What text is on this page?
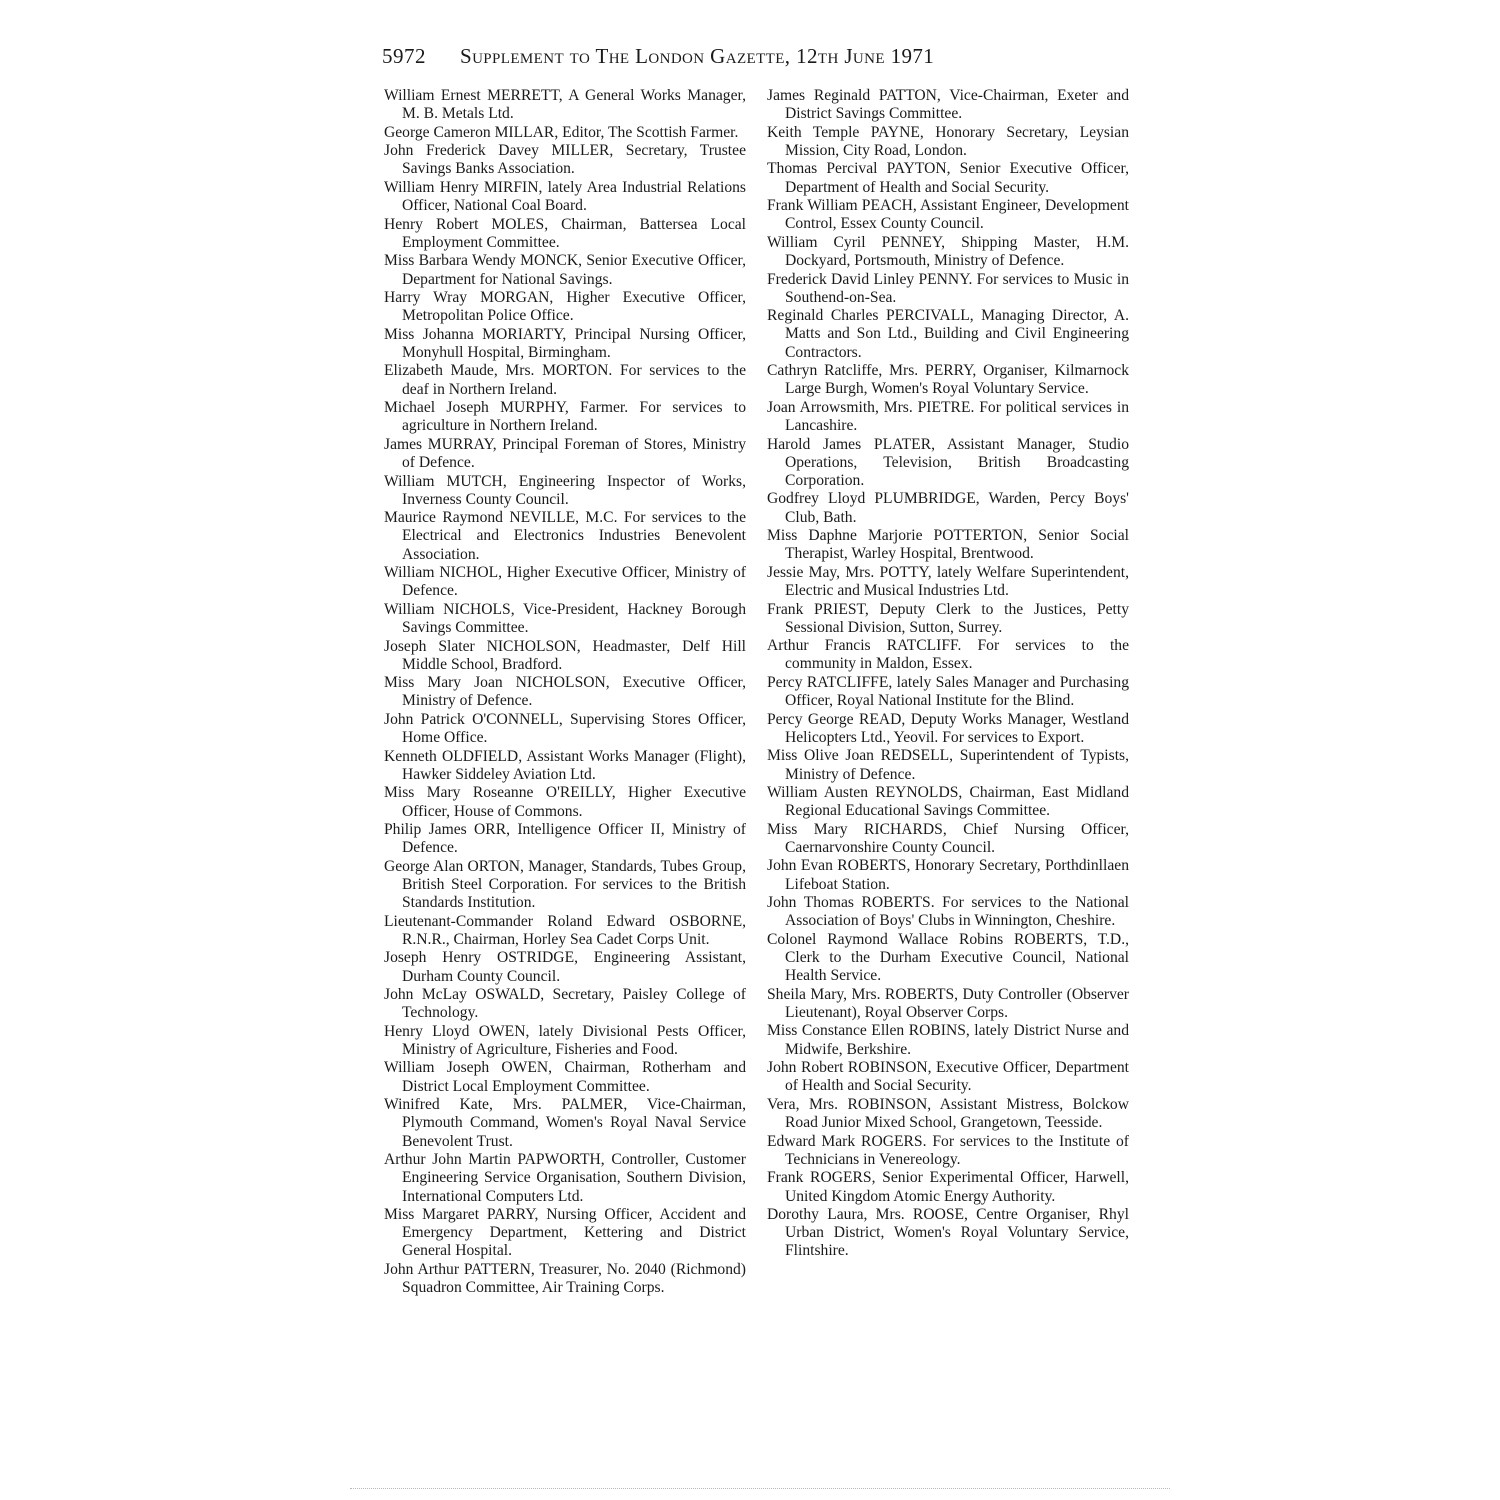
5972 Supplement to The London Gazette, 12th June 1971
William Ernest MERRETT, A General Works Manager, M. B. Metals Ltd.
George Cameron MILLAR, Editor, The Scottish Farmer.
John Frederick Davey MILLER, Secretary, Trustee Savings Banks Association.
William Henry MIRFIN, lately Area Industrial Relations Officer, National Coal Board.
Henry Robert MOLES, Chairman, Battersea Local Employment Committee.
Miss Barbara Wendy MONCK, Senior Executive Officer, Department for National Savings.
Harry Wray MORGAN, Higher Executive Officer, Metropolitan Police Office.
Miss Johanna MORIARTY, Principal Nursing Officer, Monyhull Hospital, Birmingham.
Elizabeth Maude, Mrs. MORTON. For services to the deaf in Northern Ireland.
Michael Joseph MURPHY, Farmer. For services to agriculture in Northern Ireland.
James MURRAY, Principal Foreman of Stores, Ministry of Defence.
William MUTCH, Engineering Inspector of Works, Inverness County Council.
Maurice Raymond NEVILLE, M.C. For services to the Electrical and Electronics Industries Benevolent Association.
William NICHOL, Higher Executive Officer, Ministry of Defence.
William NICHOLS, Vice-President, Hackney Borough Savings Committee.
Joseph Slater NICHOLSON, Headmaster, Delf Hill Middle School, Bradford.
Miss Mary Joan NICHOLSON, Executive Officer, Ministry of Defence.
John Patrick O'CONNELL, Supervising Stores Officer, Home Office.
Kenneth OLDFIELD, Assistant Works Manager (Flight), Hawker Siddeley Aviation Ltd.
Miss Mary Roseanne O'REILLY, Higher Executive Officer, House of Commons.
Philip James ORR, Intelligence Officer II, Ministry of Defence.
George Alan ORTON, Manager, Standards, Tubes Group, British Steel Corporation. For services to the British Standards Institution.
Lieutenant-Commander Roland Edward OSBORNE, R.N.R., Chairman, Horley Sea Cadet Corps Unit.
Joseph Henry OSTRIDGE, Engineering Assistant, Durham County Council.
John McLay OSWALD, Secretary, Paisley College of Technology.
Henry Lloyd OWEN, lately Divisional Pests Officer, Ministry of Agriculture, Fisheries and Food.
William Joseph OWEN, Chairman, Rotherham and District Local Employment Committee.
Winifred Kate, Mrs. PALMER, Vice-Chairman, Plymouth Command, Women's Royal Naval Service Benevolent Trust.
Arthur John Martin PAPWORTH, Controller, Customer Engineering Service Organisation, Southern Division, International Computers Ltd.
Miss Margaret PARRY, Nursing Officer, Accident and Emergency Department, Kettering and District General Hospital.
John Arthur PATTERN, Treasurer, No. 2040 (Richmond) Squadron Committee, Air Training Corps.
James Reginald PATTON, Vice-Chairman, Exeter and District Savings Committee.
Keith Temple PAYNE, Honorary Secretary, Leysian Mission, City Road, London.
Thomas Percival PAYTON, Senior Executive Officer, Department of Health and Social Security.
Frank William PEACH, Assistant Engineer, Development Control, Essex County Council.
William Cyril PENNEY, Shipping Master, H.M. Dockyard, Portsmouth, Ministry of Defence.
Frederick David Linley PENNY. For services to Music in Southend-on-Sea.
Reginald Charles PERCIVALL, Managing Director, A. Matts and Son Ltd., Building and Civil Engineering Contractors.
Cathryn Ratcliffe, Mrs. PERRY, Organiser, Kilmarnock Large Burgh, Women's Royal Voluntary Service.
Joan Arrowsmith, Mrs. PIETRE. For political services in Lancashire.
Harold James PLATER, Assistant Manager, Studio Operations, Television, British Broadcasting Corporation.
Godfrey Lloyd PLUMBRIDGE, Warden, Percy Boys' Club, Bath.
Miss Daphne Marjorie POTTERTON, Senior Social Therapist, Warley Hospital, Brentwood.
Jessie May, Mrs. POTTY, lately Welfare Superintendent, Electric and Musical Industries Ltd.
Frank PRIEST, Deputy Clerk to the Justices, Petty Sessional Division, Sutton, Surrey.
Arthur Francis RATCLIFF. For services to the community in Maldon, Essex.
Percy RATCLIFFE, lately Sales Manager and Purchasing Officer, Royal National Institute for the Blind.
Percy George READ, Deputy Works Manager, Westland Helicopters Ltd., Yeovil. For services to Export.
Miss Olive Joan REDSELL, Superintendent of Typists, Ministry of Defence.
William Austen REYNOLDS, Chairman, East Midland Regional Educational Savings Committee.
Miss Mary RICHARDS, Chief Nursing Officer, Caernarvonshire County Council.
John Evan ROBERTS, Honorary Secretary, Porthdinllaen Lifeboat Station.
John Thomas ROBERTS. For services to the National Association of Boys' Clubs in Winnington, Cheshire.
Colonel Raymond Wallace Robins ROBERTS, T.D., Clerk to the Durham Executive Council, National Health Service.
Sheila Mary, Mrs. ROBERTS, Duty Controller (Observer Lieutenant), Royal Observer Corps.
Miss Constance Ellen ROBINS, lately District Nurse and Midwife, Berkshire.
John Robert ROBINSON, Executive Officer, Department of Health and Social Security.
Vera, Mrs. ROBINSON, Assistant Mistress, Bolckow Road Junior Mixed School, Grangetown, Teesside.
Edward Mark ROGERS. For services to the Institute of Technicians in Venereology.
Frank ROGERS, Senior Experimental Officer, Harwell, United Kingdom Atomic Energy Authority.
Dorothy Laura, Mrs. ROOSE, Centre Organiser, Rhyl Urban District, Women's Royal Voluntary Service, Flintshire.
